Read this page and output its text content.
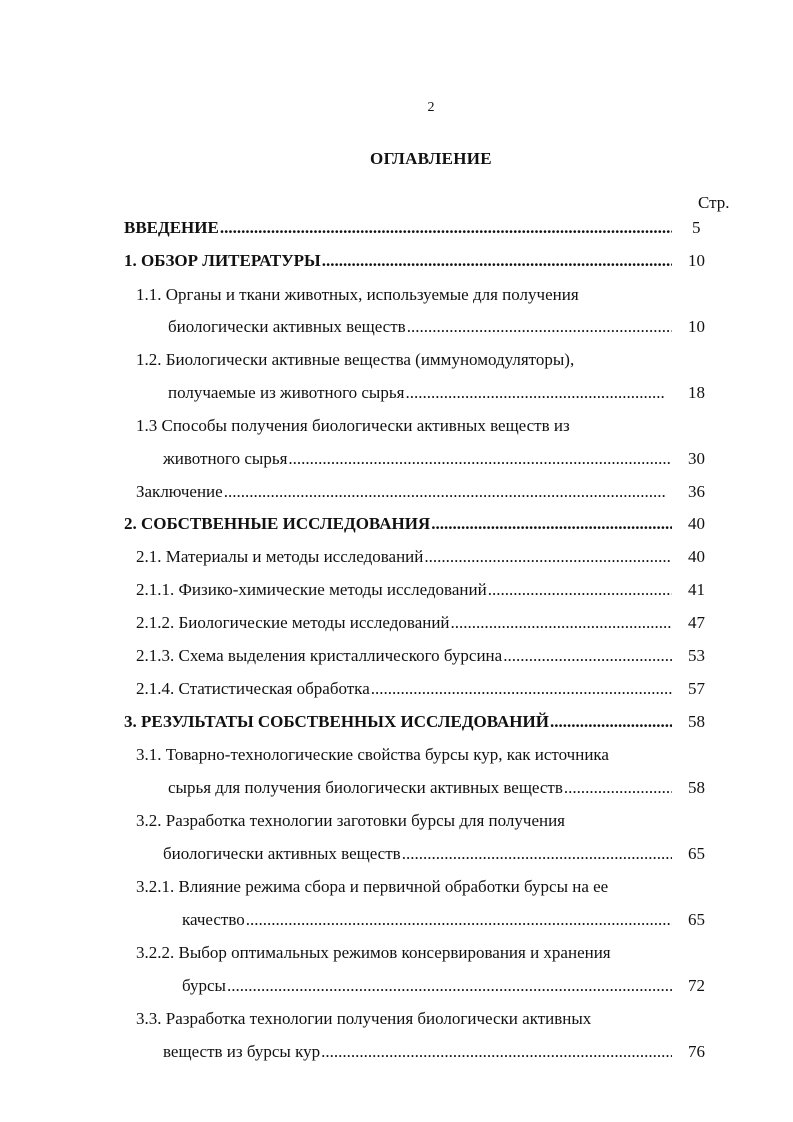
2
ОГЛАВЛЕНИЕ
Стр.
ВВЕДЕНИЕ .....	5
1. ОБЗОР ЛИТЕРАТУРЫ .....	10
1.1. Органы и ткани животных, используемые для получения
биологически активных веществ .....	10
1.2. Биологически активные вещества (иммуномодуляторы),
получаемые из животного сырья .....	18
1.3 Способы получения биологически активных веществ из
животного сырья .....	30
Заключение .....	36
2. СОБСТВЕННЫЕ ИССЛЕДОВАНИЯ .....	40
2.1. Материалы и методы исследований .....	40
2.1.1. Физико-химические методы исследований .....	41
2.1.2. Биологические методы исследований .....	47
2.1.3. Схема выделения кристаллического бурсина .....	53
2.1.4. Статистическая обработка .....	57
3. РЕЗУЛЬТАТЫ СОБСТВЕННЫХ ИССЛЕДОВАНИЙ .....	58
3.1. Товарно-технологические свойства бурсы кур, как источника
сырья для получения биологически активных веществ .....	58
3.2. Разработка технологии заготовки бурсы для получения
биологически активных веществ .....	65
3.2.1. Влияние режима сбора и первичной обработки бурсы на ее
качество .....	65
3.2.2. Выбор оптимальных режимов консервирования и хранения
бурсы .....	72
3.3. Разработка технологии получения биологически активных
веществ из бурсы кур .....	76
